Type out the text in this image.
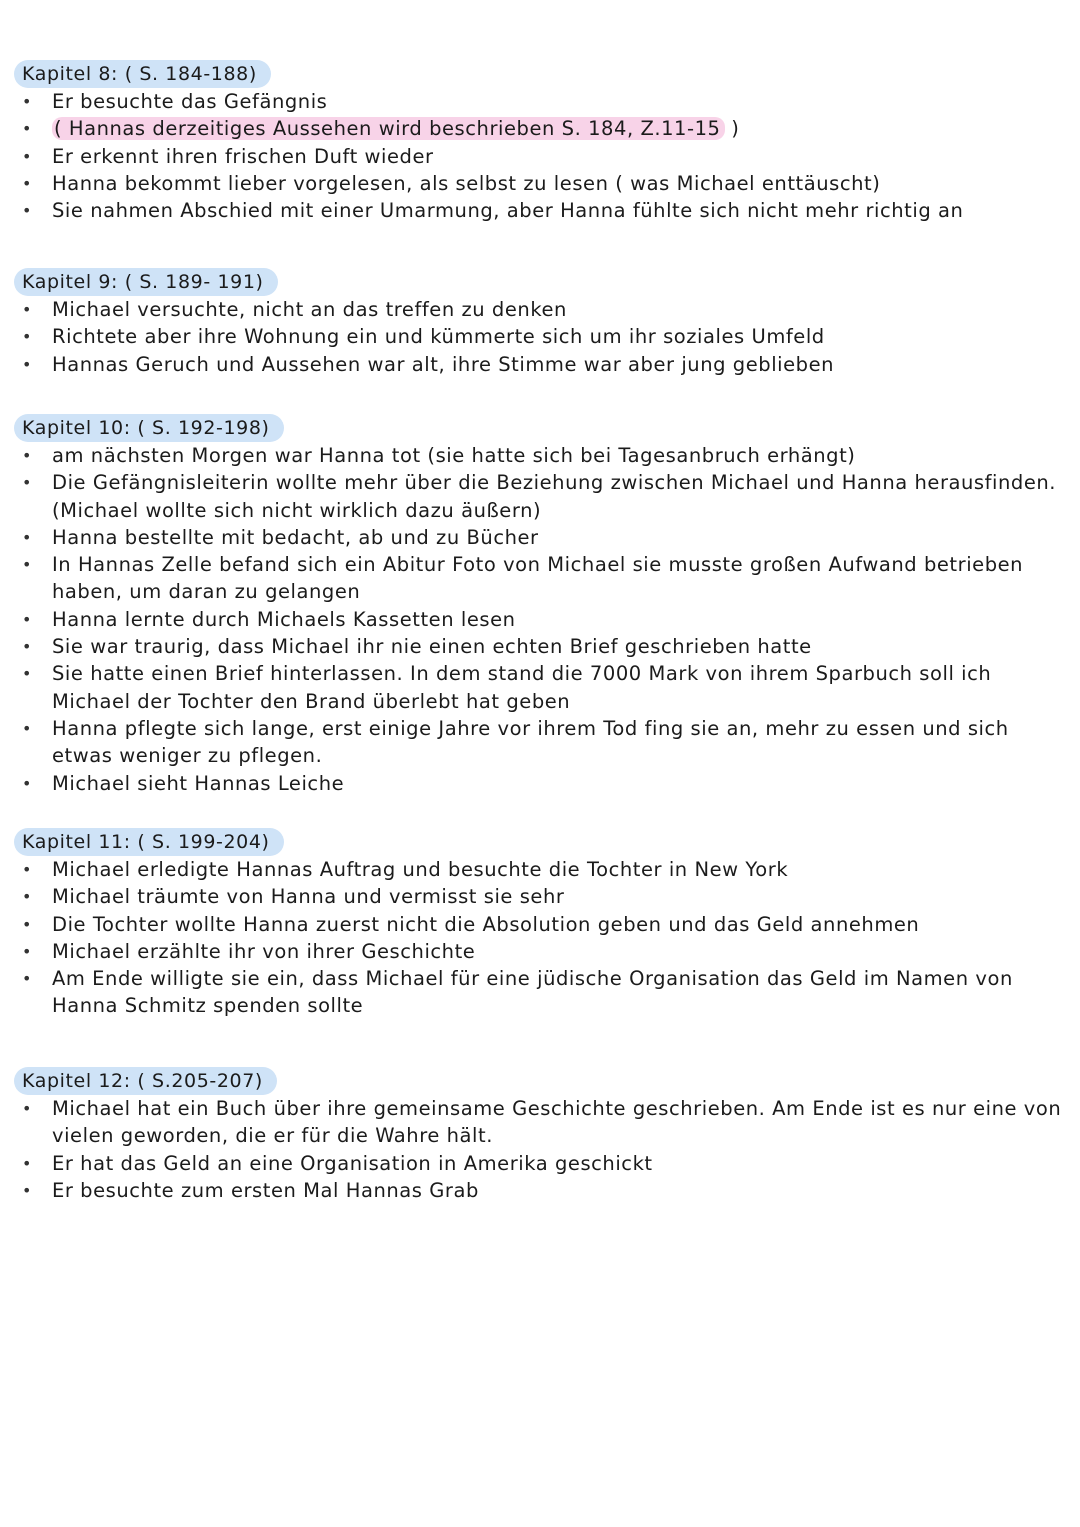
Kapitel 8: ( S. 184-188)
• Er besuchte das Gefängnis
• ( Hannas derzeitiges Aussehen wird beschrieben S. 184, Z.11-15 )
• Er erkennt ihren frischen Duft wieder
• Hanna bekommt lieber vorgelesen, als selbst zu lesen ( was Michael enttäuscht)
• Sie nahmen Abschied mit einer Umarmung, aber Hanna fühlte sich nicht mehr richtig an
Kapitel 9: ( S. 189- 191)
• Michael versuchte, nicht an das treffen zu denken
• Richtete aber ihre Wohnung ein und kümmerte sich um ihr soziales Umfeld
• Hannas Geruch und Aussehen war alt, ihre Stimme war aber jung geblieben
Kapitel 10: ( S. 192-198)
• am nächsten Morgen war Hanna tot (sie hatte sich bei Tagesanbruch erhängt)
• Die Gefängnisleiterin wollte mehr über die Beziehung zwischen Michael und Hanna herausfinden. (Michael wollte sich nicht wirklich dazu äußern)
• Hanna bestellte mit bedacht, ab und zu Bücher
• In Hannas Zelle befand sich ein Abitur Foto von Michael sie musste großen Aufwand betrieben haben, um daran zu gelangen
• Hanna lernte durch Michaels Kassetten lesen
• Sie war traurig, dass Michael ihr nie einen echten Brief geschrieben hatte
• Sie hatte einen Brief hinterlassen. In dem stand die 7000 Mark von ihrem Sparbuch soll ich Michael der Tochter den Brand überlebt hat geben
• Hanna pflegte sich lange, erst einige Jahre vor ihrem Tod fing sie an, mehr zu essen und sich etwas weniger zu pflegen.
• Michael sieht Hannas Leiche
Kapitel 11: ( S. 199-204)
• Michael erledigte Hannas Auftrag und besuchte die Tochter in New York
• Michael träumte von Hanna und vermisst sie sehr
• Die Tochter wollte Hanna zuerst nicht die Absolution geben und das Geld annehmen
• Michael erzählte ihr von ihrer Geschichte
• Am Ende willigte sie ein, dass Michael für eine jüdische Organisation das Geld im Namen von Hanna Schmitz spenden sollte
Kapitel 12: ( S.205-207)
• Michael hat ein Buch über ihre gemeinsame Geschichte geschrieben. Am Ende ist es nur eine von vielen geworden, die er für die Wahre hält.
• Er hat das Geld an eine Organisation in Amerika geschickt
• Er besuchte zum ersten Mal Hannas Grab
